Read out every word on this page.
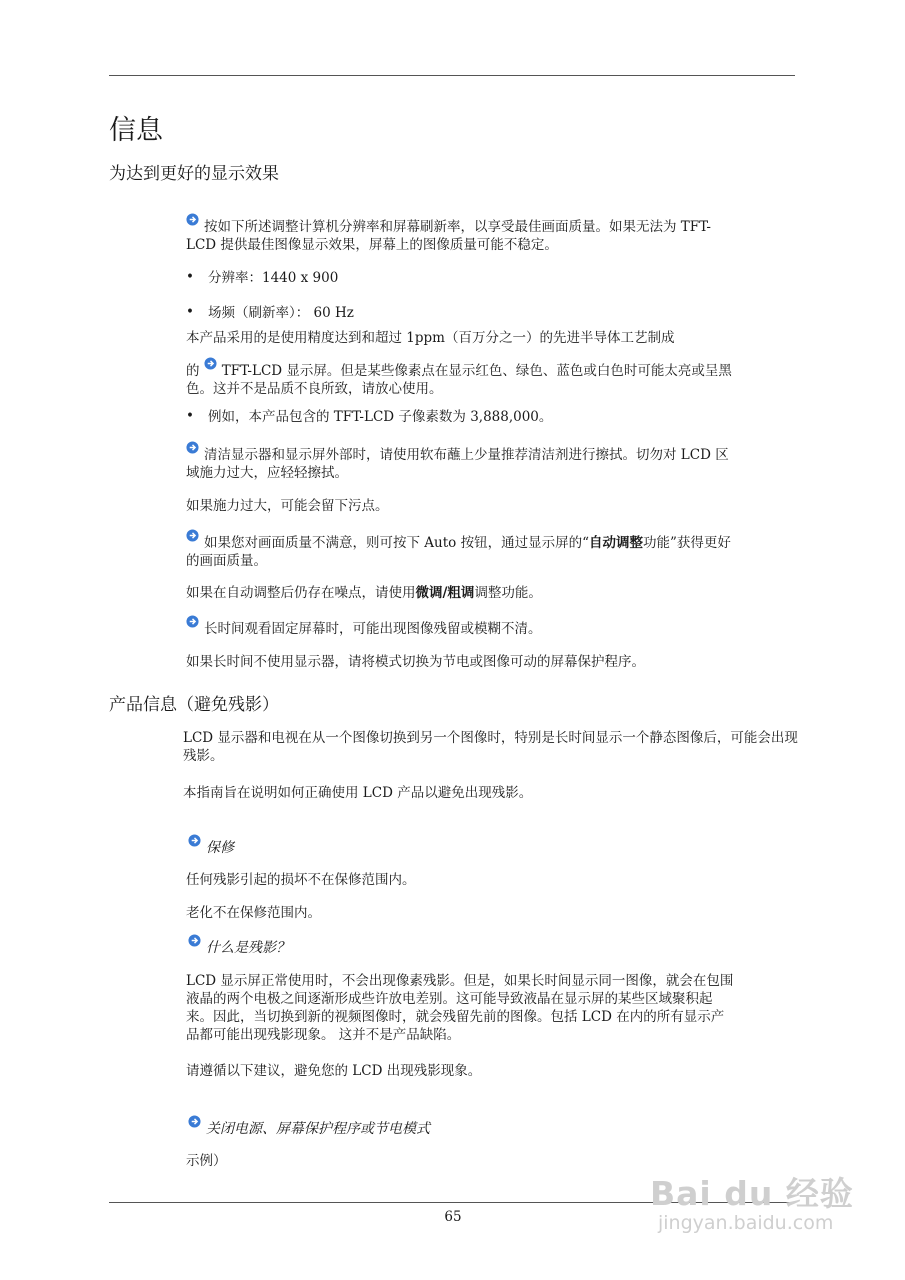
信息
为达到更好的显示效果
按如下所述调整计算机分辨率和屏幕刷新率，以享受最佳画面质量。如果无法为 TFT-LCD 提供最佳图像显示效果，屏幕上的图像质量可能不稳定。
• 分辨率：1440 x 900
• 场频（刷新率）： 60 Hz
本产品采用的是使用精度达到和超过 1ppm（百万分之一）的先进半导体工艺制成
的 TFT-LCD 显示屏。但是某些像素点在显示红色、绿色、蓝色或白色时可能太亮或呈黑色。这并不是品质不良所致，请放心使用。
• 例如，本产品包含的 TFT-LCD 子像素数为 3,888,000。
清洁显示器和显示屏外部时，请使用软布蘸上少量推荐清洁剂进行擦拭。切勿对 LCD 区域施力过大，应轻轻擦拭。
如果施力过大，可能会留下污点。
如果您对画面质量不满意，则可按下 Auto 按钮，通过显示屏的“自动调整功能”获得更好的画面质量。
如果在自动调整后仍存在噪点，请使用微调/粗调调整功能。
长时间观看固定屏幕时，可能出现图像残留或模糊不清。
如果长时间不使用显示器，请将模式切换为节电或图像可动的屏幕保护程序。
产品信息（避免残影）
LCD 显示器和电视在从一个图像切换到另一个图像时，特别是长时间显示一个静态图像后，可能会出现残影。
本指南旨在说明如何正确使用 LCD 产品以避免出现残影。
保修
任何残影引起的损坏不在保修范围内。
老化不在保修范围内。
什么是残影？
LCD 显示屏正常使用时，不会出现像素残影。但是，如果长时间显示同一图像，就会在包围液晶的两个电极之间逐渐形成些许放电差别。这可能导致液晶在显示屏的某些区域聚积起来。因此，当切换到新的视频图像时，就会残留先前的图像。包括 LCD 在内的所有显示产品都可能出现残影现象。 这并不是产品缺陷。
请遵循以下建议，避免您的 LCD 出现残影现象。
关闭电源、屏幕保护程序或节电模式
示例）
65
Bai du 经验
jingyan.baidu.com
